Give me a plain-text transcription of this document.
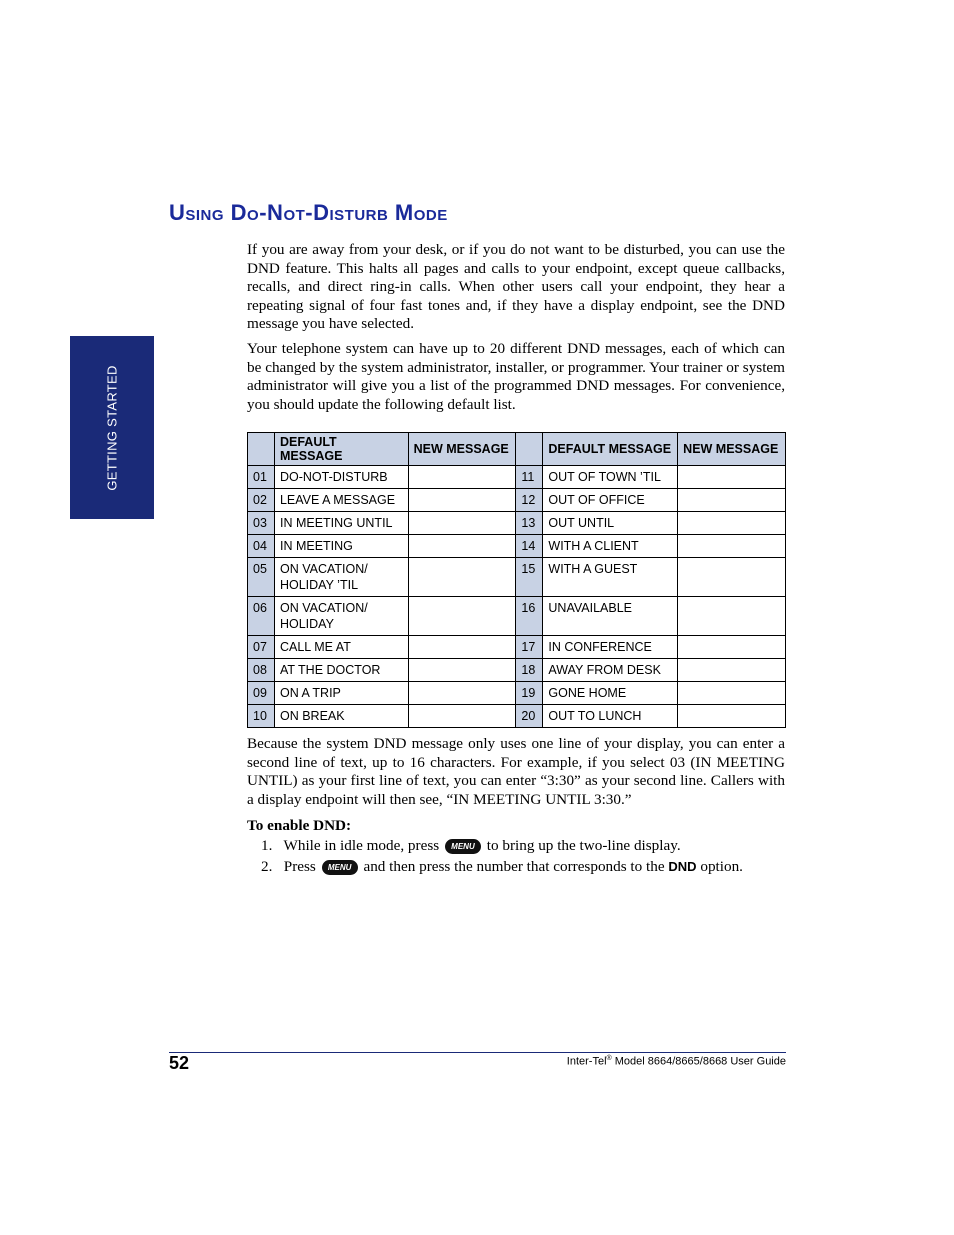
GETTING STARTED
Using Do-Not-Disturb Mode

If you are away from your desk, or if you do not want to be disturbed, you can use the DND feature. This halts all pages and calls to your endpoint, except queue callbacks, recalls, and direct ring-in calls. When other users call your endpoint, they hear a repeating signal of four fast tones and, if they have a display endpoint, see the DND message you have selected.

Your telephone system can have up to 20 different DND messages, each of which can be changed by the system administrator, installer, or programmer. Your trainer or system administrator will give you a list of the programmed DND messages. For convenience, you should update the following default list.

	DEFAULT MESSAGE	NEW MESSAGE		DEFAULT MESSAGE	NEW MESSAGE
01	DO-NOT-DISTURB		11	OUT OF TOWN ’TIL	
02	LEAVE A MESSAGE		12	OUT OF OFFICE	
03	IN MEETING UNTIL		13	OUT UNTIL	
04	IN MEETING		14	WITH A CLIENT	
05	ON VACATION/ HOLIDAY ’TIL		15	WITH A GUEST	
06	ON VACATION/ HOLIDAY		16	UNAVAILABLE	
07	CALL ME AT		17	IN CONFERENCE	
08	AT THE DOCTOR		18	AWAY FROM DESK	
09	ON A TRIP		19	GONE HOME	
10	ON BREAK		20	OUT TO LUNCH	

Because the system DND message only uses one line of your display, you can enter a second line of text, up to 16 characters. For example, if you select 03 (IN MEETING UNTIL) as your first line of text, you can enter “3:30” as your second line. Callers with a display endpoint will then see, “IN MEETING UNTIL 3:30.”

To enable DND:

1. While in idle mode, press MENU to bring up the two-line display.

2. Press MENU and then press the number that corresponds to the DND option.

52	Inter-Tel® Model 8664/8665/8668 User Guide
